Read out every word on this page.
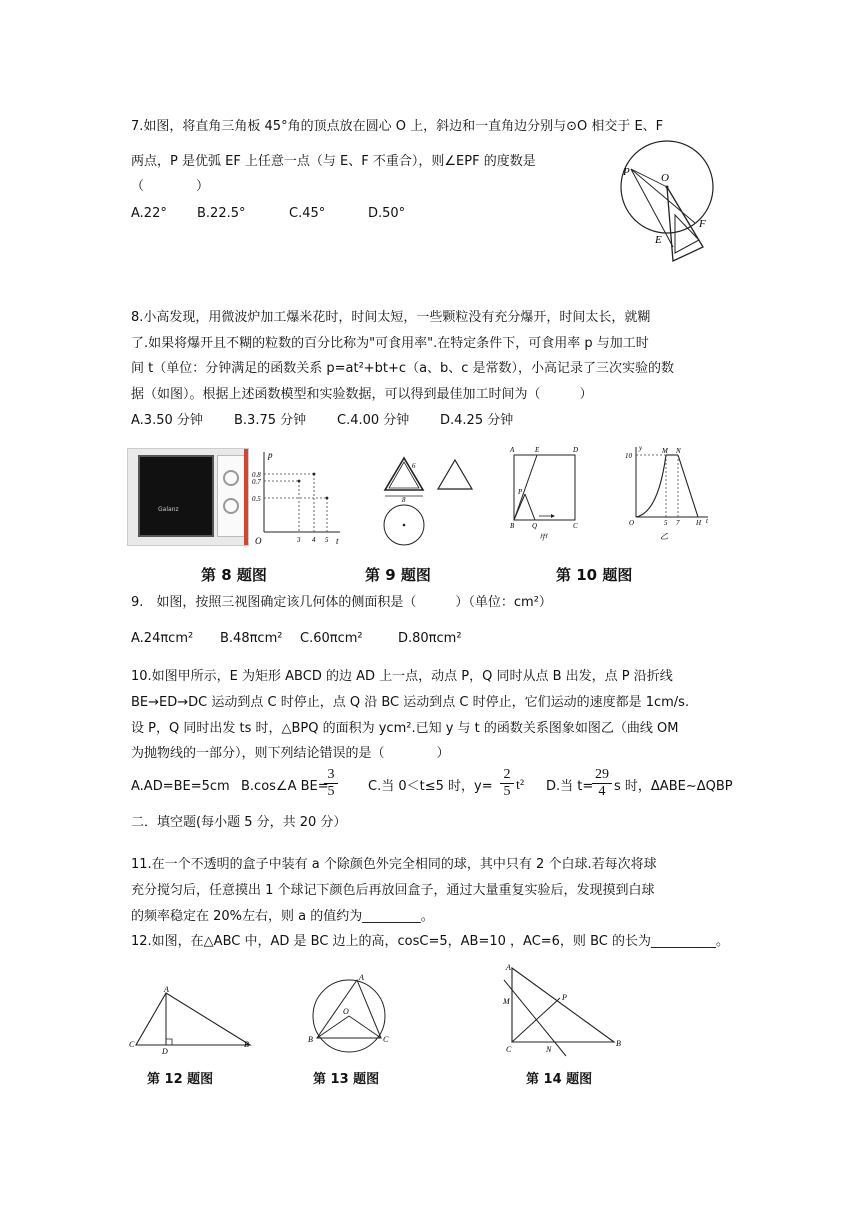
7.如图，将直角三角板 45°角的顶点放在圆心 O 上，斜边和一直角边分别与⊙O 相交于 E、F
两点，P 是优弧 EF 上任意一点（与 E、F 不重合），则∠EPF 的度数是
（　　　　）
A.22° B.22.5°	C.45°	D.50°
P	O
F
E
8.小高发现，用微波炉加工爆米花时，时间太短，一些颗粒没有充分爆开，时间太长，就糊
了.如果将爆开且不糊的粒数的百分比称为"可食用率".在特定条件下，可食用率 p 与加工时
间 t（单位：分钟满足的函数关系 p=at²+bt+c（a、b、c 是常数），小高记录了三次实验的数
据（如图）。根据上述函数模型和实验数据，可以得到最佳加工时间为（　　　）
A.3.50 分钟 B.3.75 分钟 C.4.00 分钟 D.4.25 分钟
Galanz
p
t
O
0.8
0.7
0.5
3 4 5
6
8
A	E	D
P
B	Q	C
甲
y
10
M N
O	5 7 H t
乙
第 8 题图	第 9 题图	第 10 题图
9.　如图，按照三视图确定该几何体的侧面积是（　　　）（单位：cm²）
A.24πcm² B.48πcm² C.60πcm²	D.80πcm²
10.如图甲所示，E 为矩形 ABCD 的边 AD 上一点，动点 P，Q 同时从点 B 出发，点 P 沿折线
BE→ED→DC 运动到点 C 时停止，点 Q 沿 BC 运动到点 C 时停止，它们运动的速度都是 1cm/s.
设 P，Q 同时出发 ts 时，△BPQ 的面积为 ycm².已知 y 与 t 的函数关系图象如图乙（曲线 OM
为抛物线的一部分），则下列结论错误的是（　　　　）
A.AD=BE=5cm B.cos∠A BE=
$\frac{3}{5} C$.当 0＜t≤5 时，$y= \frac{2}{5} t^2$ D.当 t=
$\frac{29}{4}$ s 时，ΔABE∼ΔQBP
二．填空题(每小题 5 分，共 20 分）
11.在一个不透明的盒子中装有 a 个除颜色外完全相同的球，其中只有 2 个白球.若每次将球
充分搅匀后，任意摸出 1 个球记下颜色后再放回盒子，通过大量重复实验后，发现摸到白球
的频率稳定在 20%左右，则 a 的值约为_________。
12.如图，在△ABC 中，AD 是 BC 边上的高，cosC=5，AB=10 ，AC=6，则 BC 的长为__________。
A
C
D
B
A
O
B	C
A
M	P
C	N
B
第 12 题图	第 13 题图	第 14 题图
